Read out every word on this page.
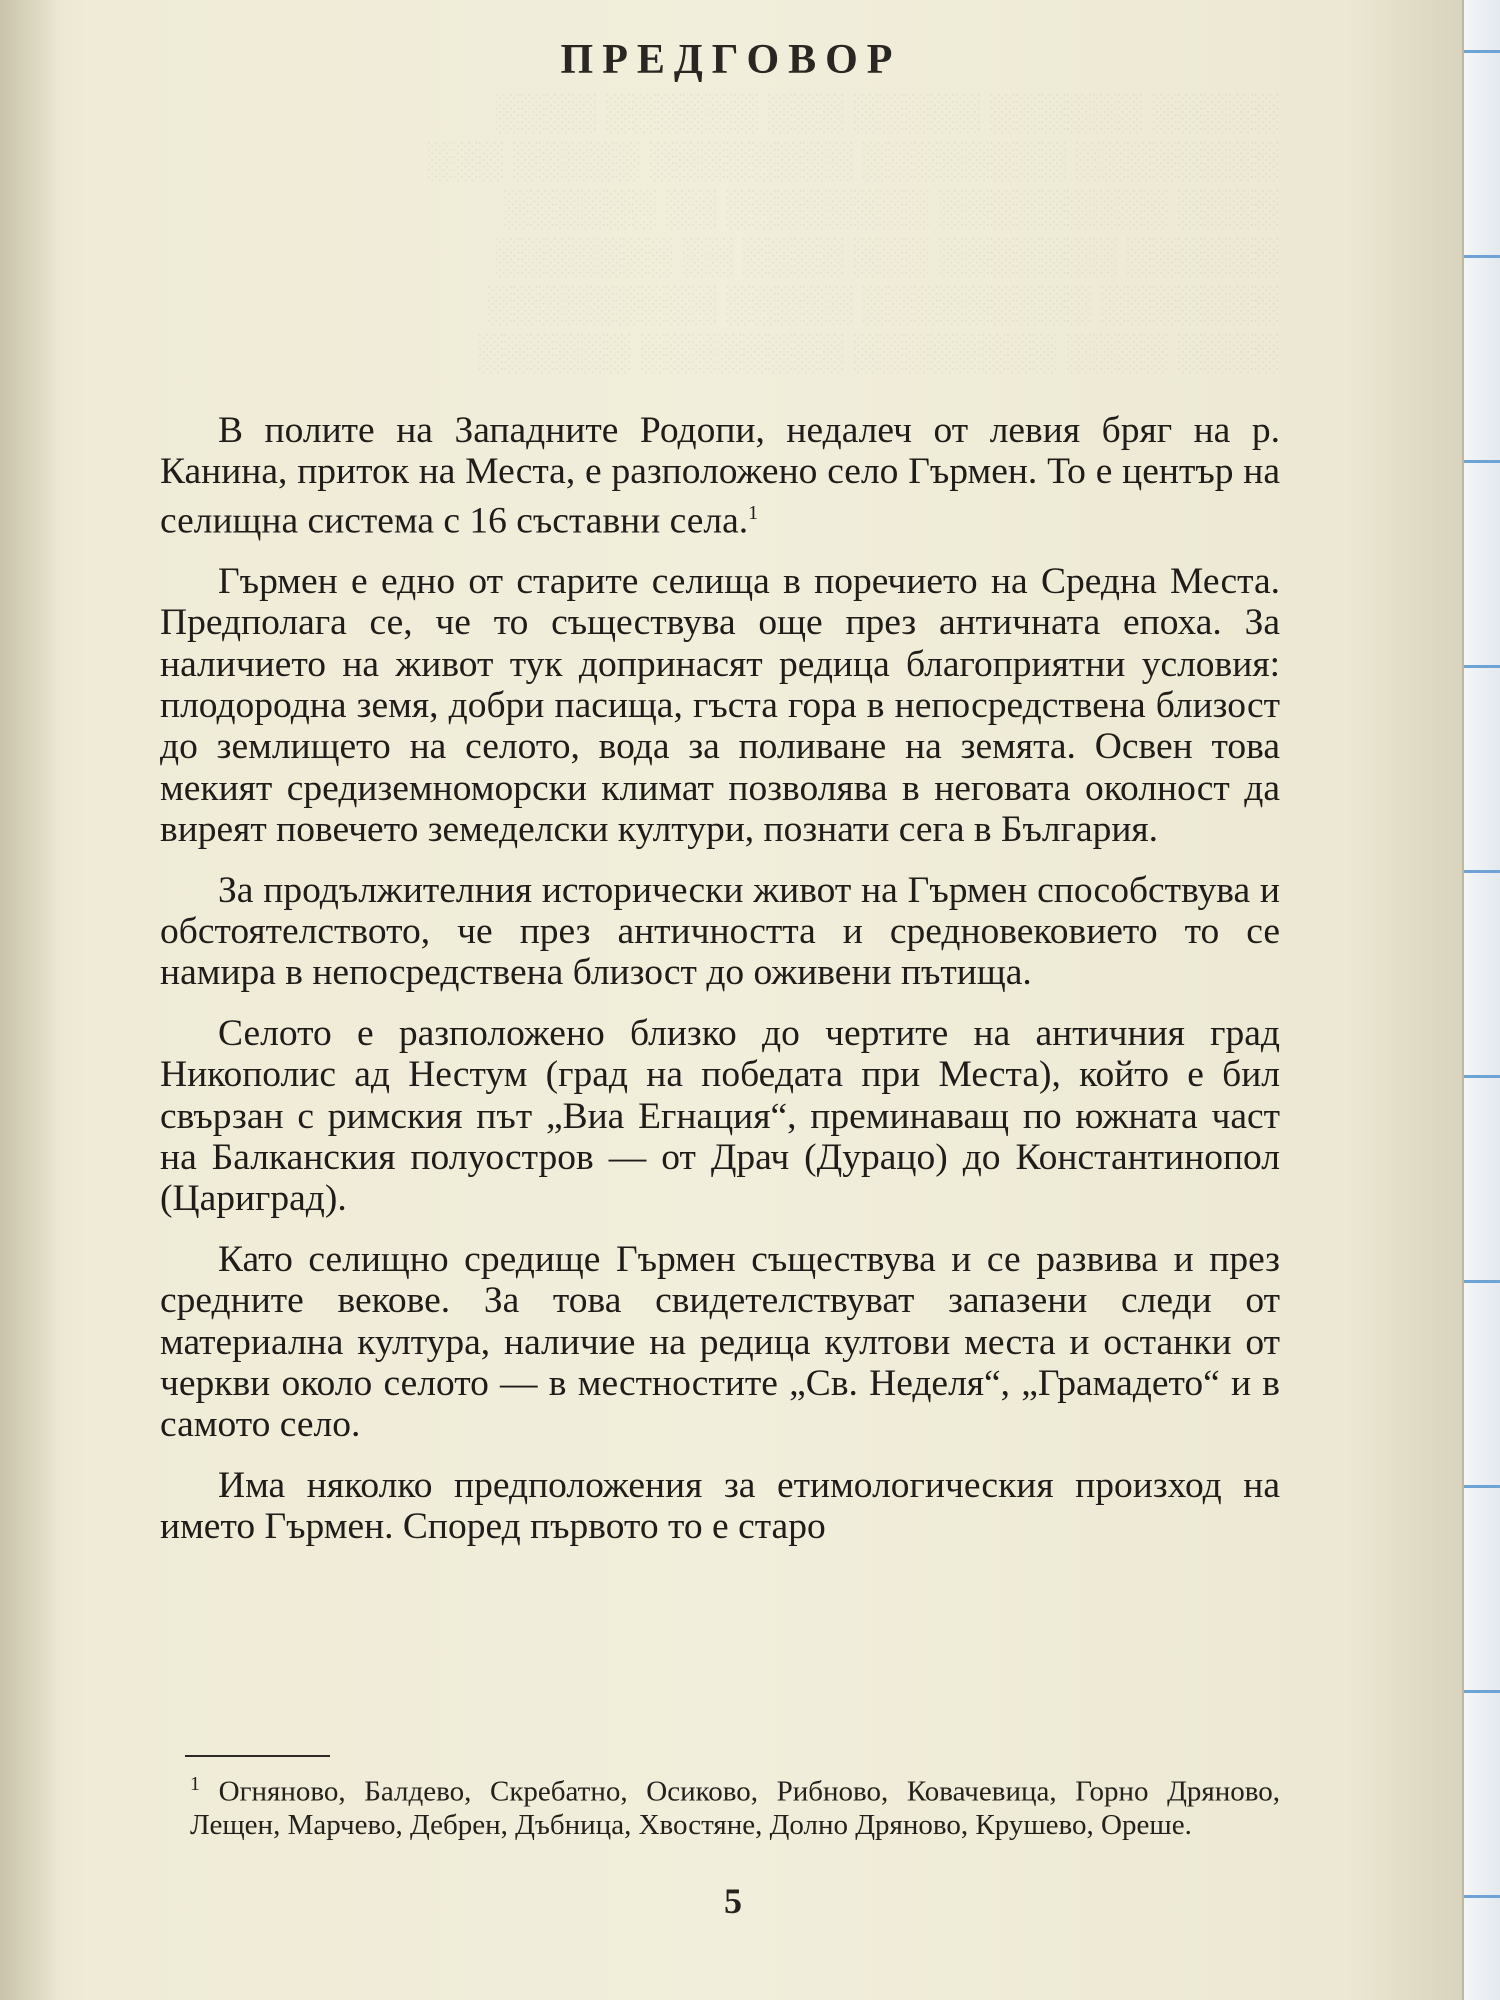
░░░░░ ░░░░░░ ░░░░░ ░░░ ░░░░░░ ░░░░
░░░░░░░░ ░░░░░░░░ ░░░░░░░░ ░░░░░ ░░░
░░░░ ░░░░░░░░░ ░░░░░░░░ ░░ ░░░░░░
░░░░░░ ░░░░░░░ ░░░ ░░░░ ░░ ░░░░░░░
░░░░░░░ ░░░░░░░░░ ░░░░░ ░░░░░░░░░
░░░░ ░░░░ ░░░░░░░░ ░░░░░░░░ ░░░░░░

ПРЕДГОВОР

В полите на Западните Родопи, недалеч от левия бряг на р. Канина, приток на Места, е разположено село Гърмен. То е център на селищна система с 16 съставни села.$^1$

Гърмен е едно от старите селища в поречието на Средна Места. Предполага се, че то съществува още през античната епоха. За наличието на живот тук допринасят редица благоприятни условия: плодородна земя, добри пасища, гъста гора в непосредствена близост до землището на селото, вода за поливане на земята. Освен това мекият средиземноморски климат позволява в неговата околност да виреят повечето земеделски култури, познати сега в България.

За продължителния исторически живот на Гърмен способствува и обстоятелството, че през античността и средновековието то се намира в непосредствена близост до оживени пътища.

Селото е разположено близко до чертите на античния град Никополис ад Нестум (град на победата при Места), който е бил свързан с римския път „Виа Егнация“, преминаващ по южната част на Балканския полуостров — от Драч (Дурацо) до Константинопол (Цариград).

Като селищно средище Гърмен съществува и се развива и през средните векове. За това свидетелствуват запазени следи от материална култура, наличие на редица култови места и останки от черкви около селото — в местностите „Св. Неделя“, „Грамадето“ и в самото село.

Има няколко предположения за етимологическия произход на името Гърмен. Според първото то е старо

$^1$ Огняново, Балдево, Скребатно, Осиково, Рибново, Ковачевица, Горно Дряново, Лещен, Марчево, Дебрен, Дъбница, Хвостяне, Долно Дряново, Крушево, Ореше.
5
